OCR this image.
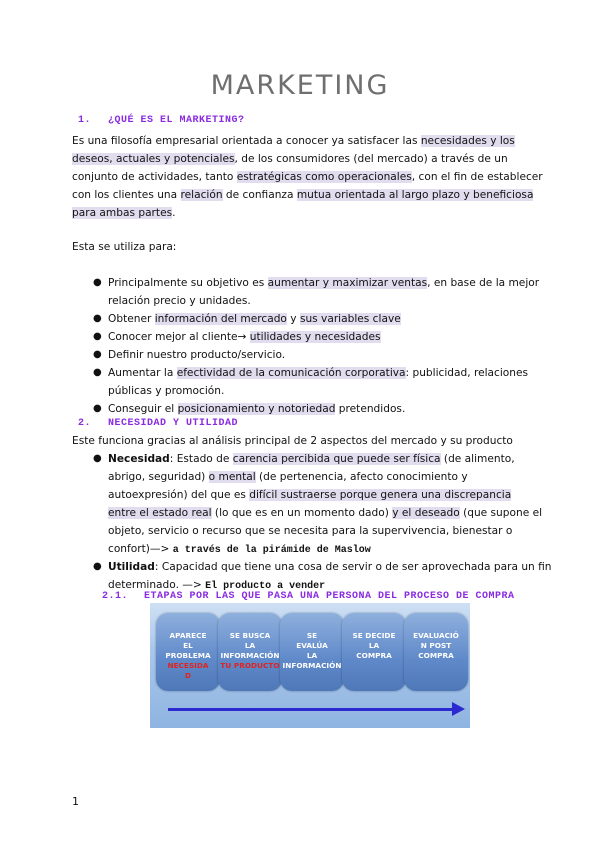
MARKETING
1. ¿QUÉ ES EL MARKETING?
Es una filosofía empresarial orientada a conocer ya satisfacer las necesidades y los
deseos, actuales y potenciales, de los consumidores (del mercado) a través de un
conjunto de actividades, tanto estratégicas como operacionales, con el fin de establecer
con los clientes una relación de confianza mutua orientada al largo plazo y beneficiosa
para ambas partes.
Esta se utiliza para:
● Principalmente su objetivo es aumentar y maximizar ventas, en base de la mejor
relación precio y unidades.
● Obtener información del mercado y sus variables clave
● Conocer mejor al cliente→ utilidades y necesidades
● Definir nuestro producto/servicio.
● Aumentar la efectividad de la comunicación corporativa: publicidad, relaciones
públicas y promoción.
● Conseguir el posicionamiento y notoriedad pretendidos.
2. NECESIDAD Y UTILIDAD
Este funciona gracias al análisis principal de 2 aspectos del mercado y su producto
● Necesidad: Estado de carencia percibida que puede ser física (de alimento,
abrigo, seguridad) o mental (de pertenencia, afecto conocimiento y
autoexpresión) del que es difícil sustraerse porque genera una discrepancia
entre el estado real (lo que es en un momento dado) y el deseado (que supone el
objeto, servicio o recurso que se necesita para la supervivencia, bienestar o
confort)—> a través de la pirámide de Maslow
● Utilidad: Capacidad que tiene una cosa de servir o de ser aprovechada para un fin
determinado. —> El producto a vender
2.1. ETAPAS POR LAS QUE PASA UNA PERSONA DEL PROCESO DE COMPRA
APARECE
EL
PROBLEMA
NECESIDA
D
SE BUSCA
LA
INFORMACIÓN
TU PRODUCTO
SE
EVALÚA
LA
INFORMACIÓN
SE DECIDE
LA
COMPRA
EVALUACIÓ
N POST
COMPRA
1
